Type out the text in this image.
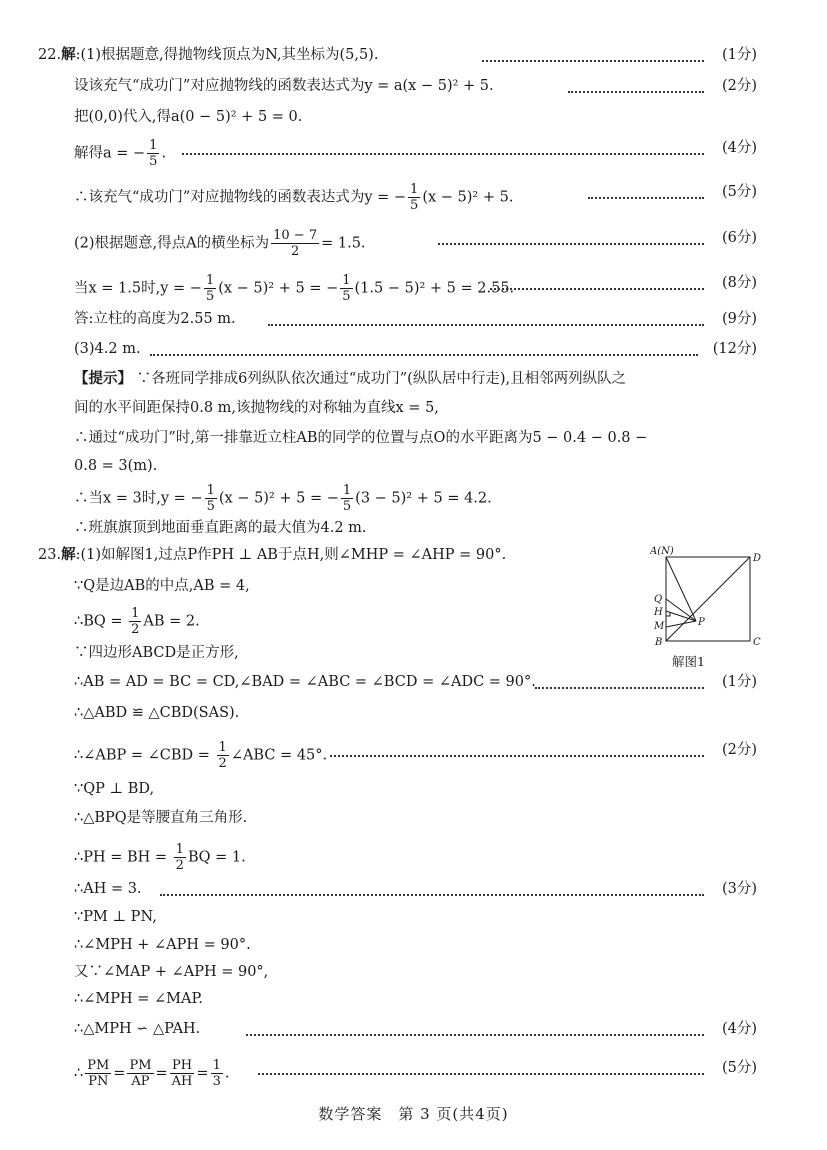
22.解:(1)根据题意,得抛物线顶点为N,其坐标为(5,5).	(1分)
设该充气“成功门”对应抛物线的函数表达式为y = a(x − 5)² + 5.	(2分)
把(0,0)代入,得a(0 − 5)² + 5 = 0.
解得a = − $\frac{1}{5}$ .	(4分)
∴该充气“成功门”对应抛物线的函数表达式为y = − $\frac{1}{5} (x - 5)^2 + 5$.	(5分)
(2)根据题意,得点A的横坐标为 $\frac{10 - 7}{2} = 1.5$.	(6分)
当x = 1.5时,y = − $\frac{1}{5} (x - 5)^2 + 5$ = − $\frac{1}{5} (1.5 - 5)^2 + 5 = 2.55$.	(8分)
答:立柱的高度为2.55 m.	(9分)
(3)4.2 m.	(12分)
【提示】 ∵各班同学排成6列纵队依次通过“成功门”(纵队居中行走),且相邻两列纵队之
间的水平间距保持0.8 m,该抛物线的对称轴为直线x = 5,
∴通过“成功门”时,第一排靠近立柱AB的同学的位置与点O的水平距离为5 − 0.4 − 0.8 −
0.8 = 3(m).
∴当x = 3时,y = − $\frac{1}{5} (x - 5)^2 + 5$ = − $\frac{1}{5} (3 - 5)^2 + 5 = 4.2$.
∴班旗旗顶到地面垂直距离的最大值为4.2 m.
23.解:(1)如解图1,过点P作PH ⊥ AB于点H,则∠MHP = ∠AHP = 90°.
∵Q是边AB的中点,AB = 4,
∴BQ = $\frac{1}{2}$ AB = 2.
∵四边形ABCD是正方形,
∴AB = AD = BC = CD,∠BAD = ∠ABC = ∠BCD = ∠ADC = 90°.	(1分)
∴△ABD ≌ △CBD(SAS).
∴∠ABP = ∠CBD = $\frac{1}{2}$ ∠ABC = 45°.	(2分)
∵QP ⊥ BD,
∴△BPQ是等腰直角三角形.
∴PH = BH = $\frac{1}{2}$ BQ = 1.
∴AH = 3.	(3分)
∵PM ⊥ PN,
∴∠MPH + ∠APH = 90°.
又∵∠MAP + ∠APH = 90°,
∴∠MPH = ∠MAP.
∴△MPH ∽ △PAH.	(4分)
∴ $\frac{PM}{PN} = \frac{PM}{AP} = \frac{PH}{AH} = \frac{1}{3}$ .	(5分)
A(N)
D
Q
H
M
B
P
C
解图1
数学答案　第 3 页(共4页)
